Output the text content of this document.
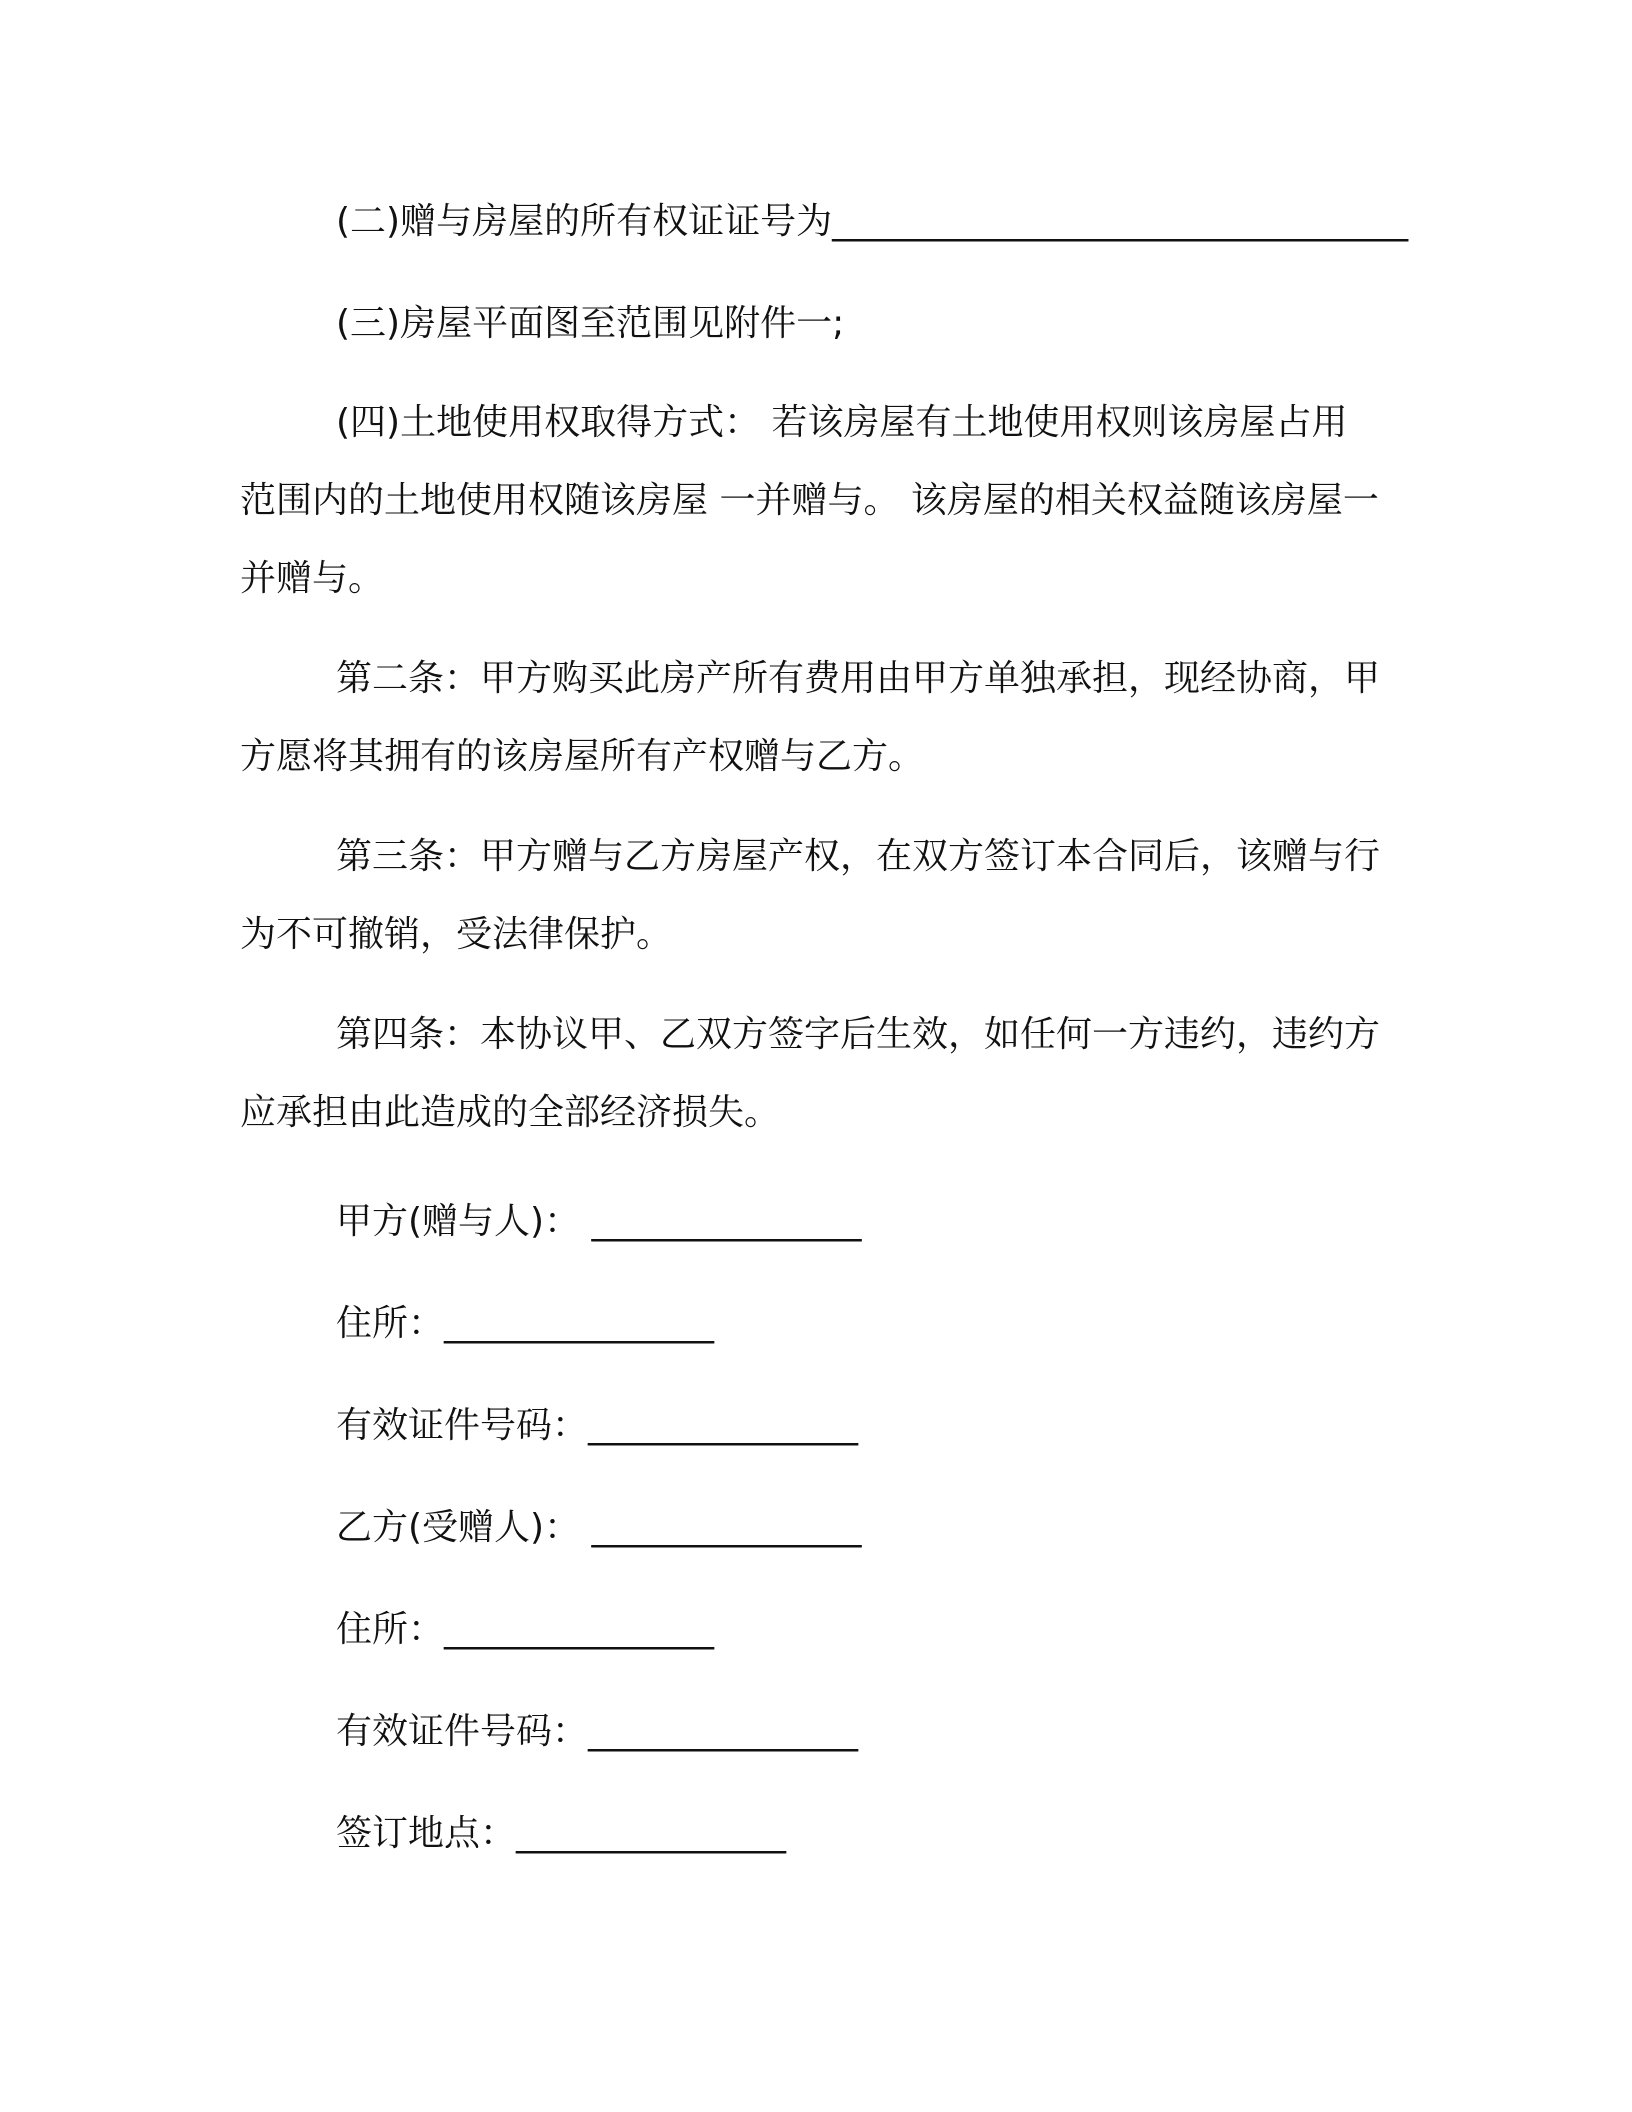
(二)赠与房屋的所有权证证号为________________________________
(三)房屋平面图至范围见附件一;
(四)土地使用权取得方式： 若该房屋有土地使用权则该房屋占用范围内的土地使用权随该房屋 一并赠与。 该房屋的相关权益随该房屋一并赠与。
第二条：甲方购买此房产所有费用由甲方单独承担，现经协商，甲方愿将其拥有的该房屋所有产权赠与乙方。
第三条：甲方赠与乙方房屋产权，在双方签订本合同后，该赠与行为不可撤销，受法律保护。
第四条：本协议甲、乙双方签字后生效，如任何一方违约，违约方应承担由此造成的全部经济损失。
甲方(赠与人)： _______________
住所：_______________
有效证件号码：_______________
乙方(受赠人)： _______________
住所：_______________
有效证件号码：_______________
签订地点：_______________
